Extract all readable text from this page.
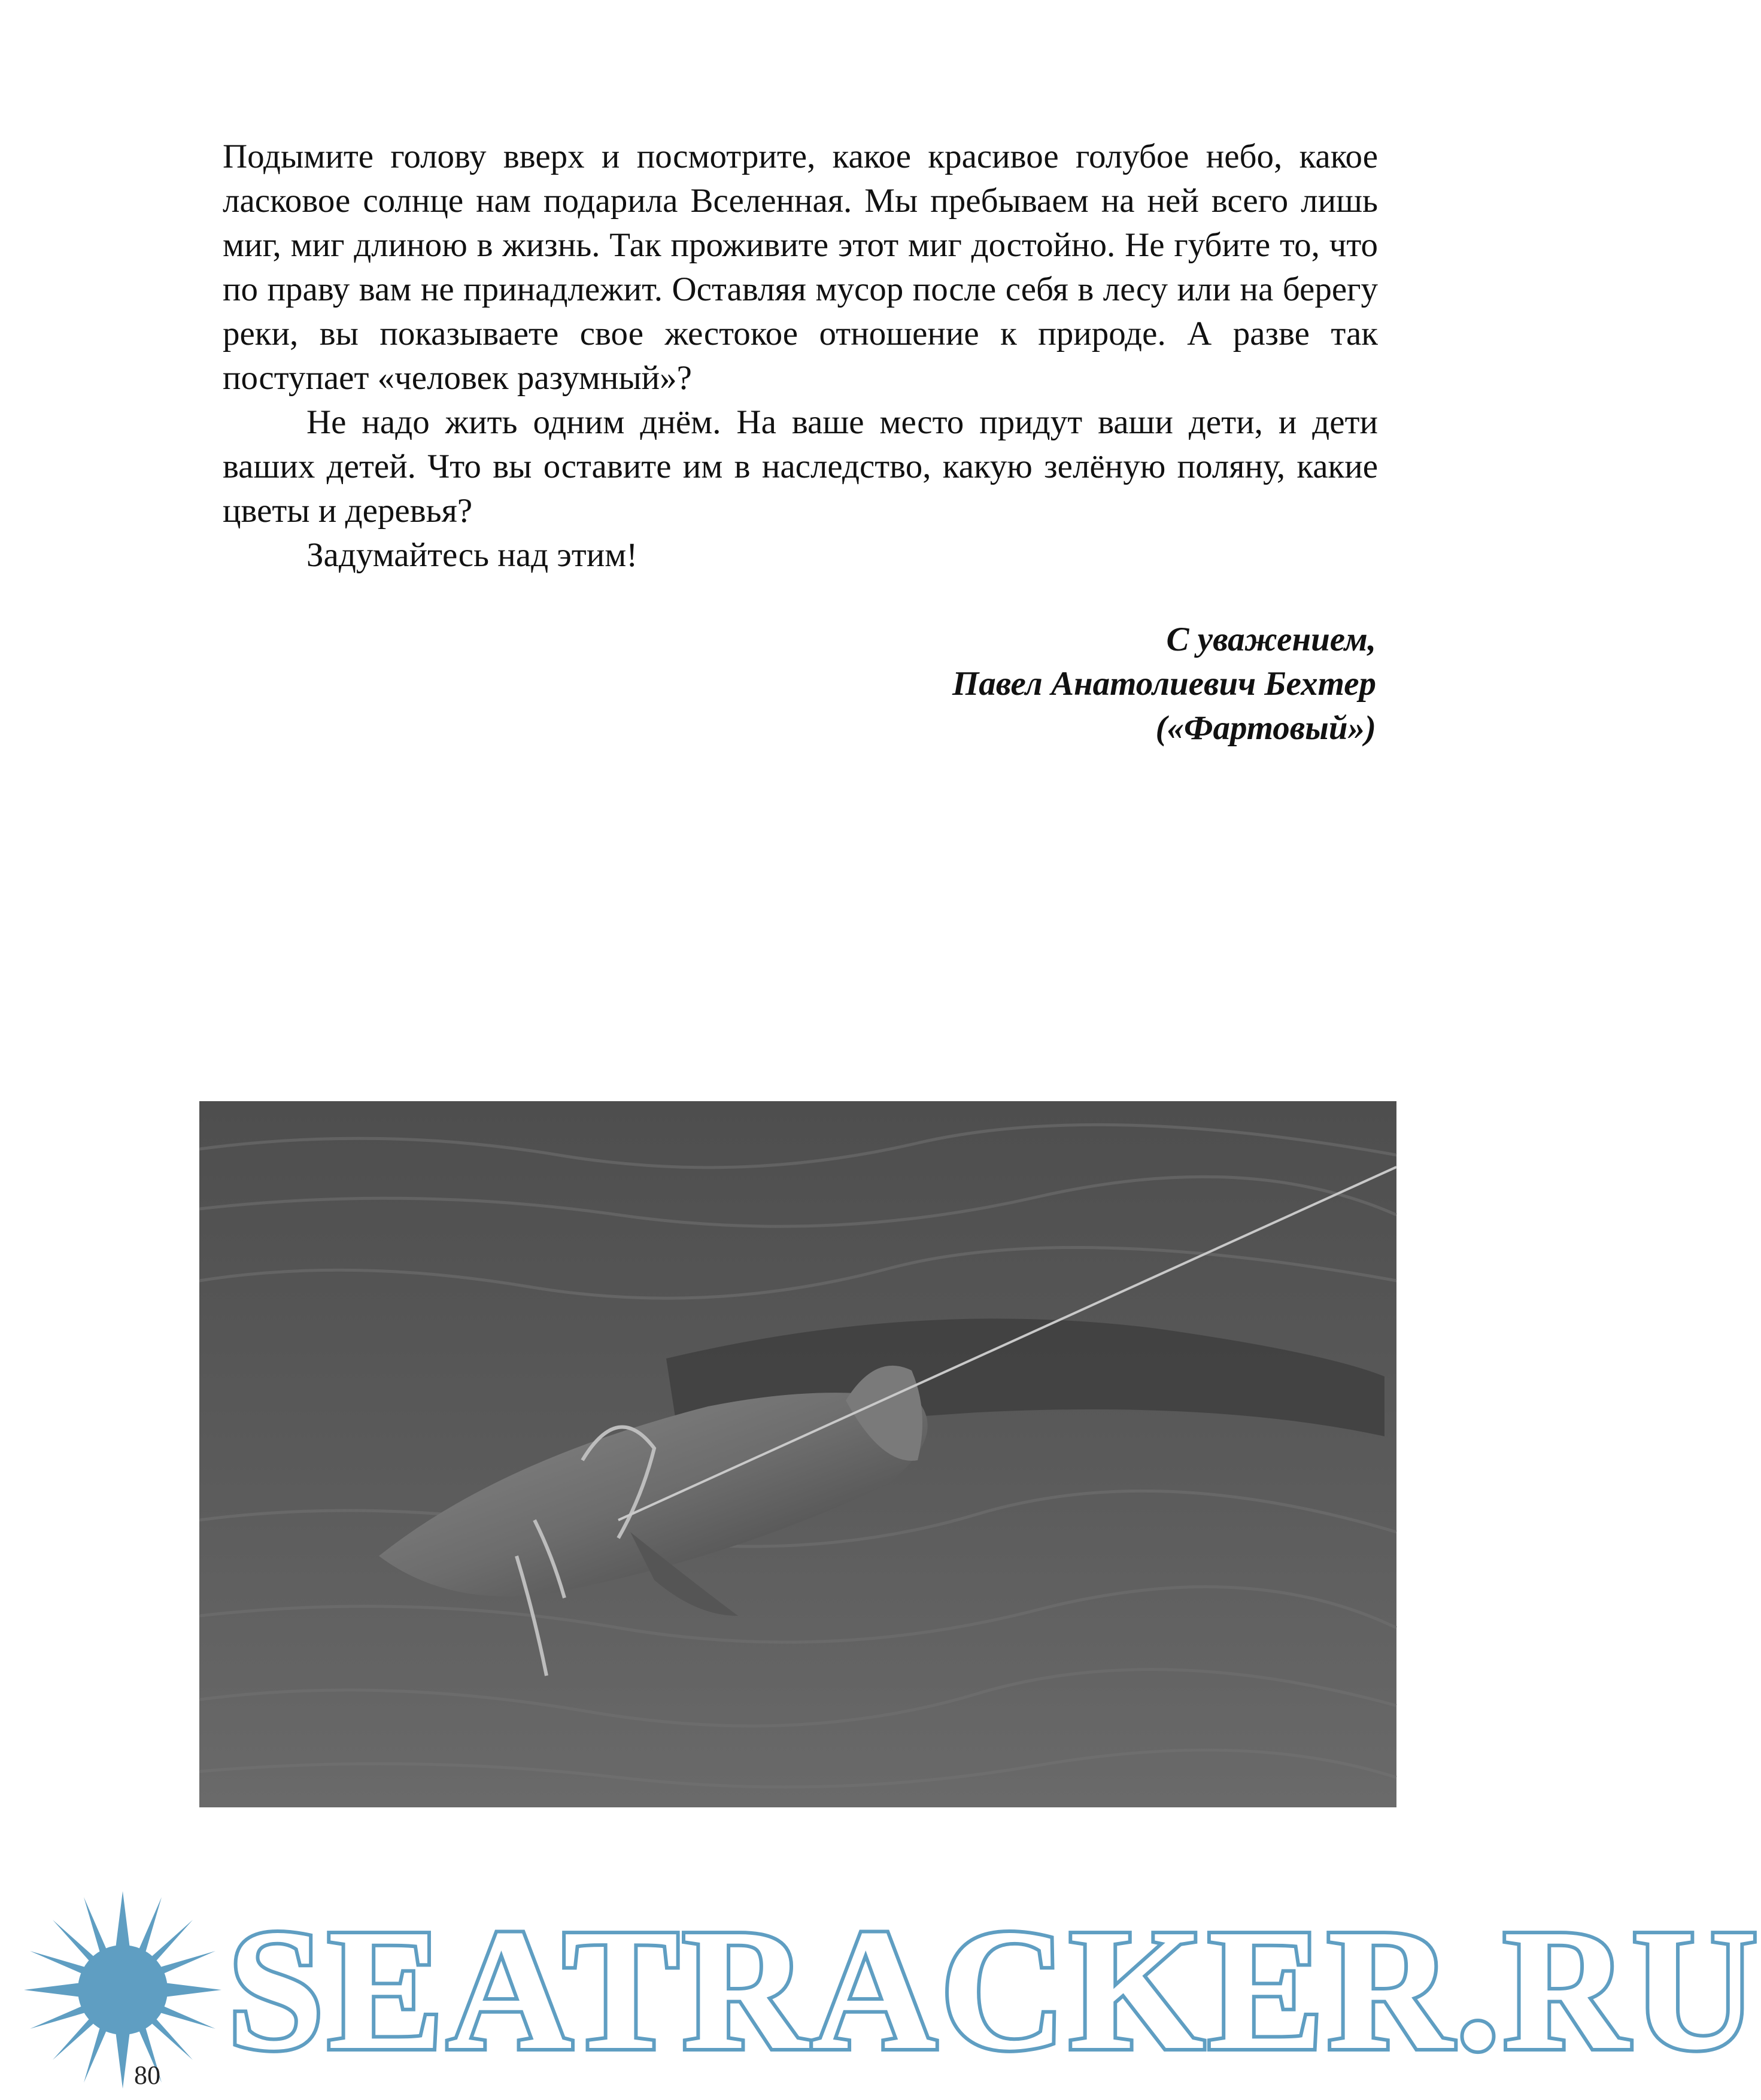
Подымите голову вверх и посмотрите, какое красивое голубое небо, какое ласковое солнце нам подарила Вселенная. Мы пребываем на ней всего лишь миг, миг длиною в жизнь. Так проживите этот миг достойно. Не губите то, что по праву вам не принадлежит. Оставляя мусор после себя в лесу или на берегу реки, вы показываете свое жестокое отношение к природе. А разве так поступает «человек разумный»?

Не надо жить одним днём. На ваше место придут ваши дети, и дети ваших детей. Что вы оставите им в наследство, какую зелёную поляну, какие цветы и деревья?

Задумайтесь над этим!

С уважением,
Павел Анатолиевич Бехтер
(«Фартовый»)
80 SEATRACKER.RU
